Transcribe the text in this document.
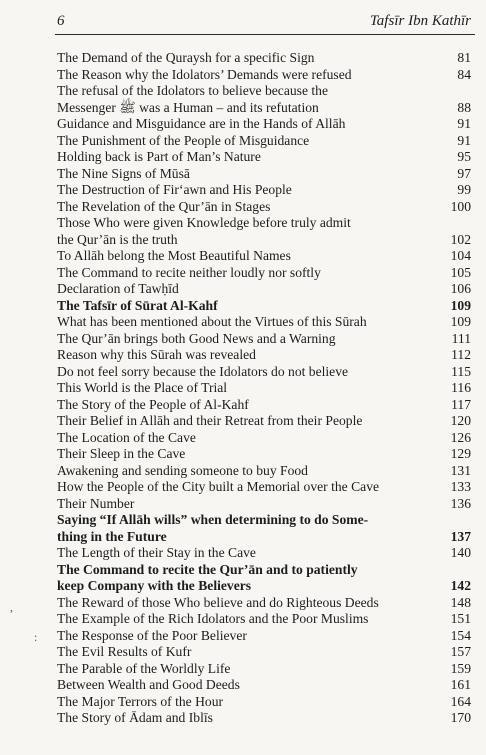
6	Tafsīr Ibn Kathīr
The Demand of the Quraysh for a specific Sign	81
The Reason why the Idolators’ Demands were refused	84
The refusal of the Idolators to believe because the
Messenger ﷺ was a Human – and its refutation	88
Guidance and Misguidance are in the Hands of Allāh	91
The Punishment of the People of Misguidance	91
Holding back is Part of Man’s Nature	95
The Nine Signs of Mūsā	97
The Destruction of Fir‘awn and His People	99
The Revelation of the Qur’ān in Stages	100
Those Who were given Knowledge before truly admit
the Qur’ān is the truth	102
To Allāh belong the Most Beautiful Names	104
The Command to recite neither loudly nor softly	105
Declaration of Tawḥīd	106
The Tafsīr of Sūrat Al-Kahf	109
What has been mentioned about the Virtues of this Sūrah	109
The Qur’ān brings both Good News and a Warning	111
Reason why this Sūrah was revealed	112
Do not feel sorry because the Idolators do not believe	115
This World is the Place of Trial	116
The Story of the People of Al-Kahf	117
Their Belief in Allāh and their Retreat from their People	120
The Location of the Cave	126
Their Sleep in the Cave	129
Awakening and sending someone to buy Food	131
How the People of the City built a Memorial over the Cave	133
Their Number	136
Saying “If Allāh wills” when determining to do Some-
thing in the Future	137
The Length of their Stay in the Cave	140
The Command to recite the Qur’ān and to patiently
keep Company with the Believers	142
The Reward of those Who believe and do Righteous Deeds	148
The Example of the Rich Idolators and the Poor Muslims	151
The Response of the Poor Believer	154
The Evil Results of Kufr	157
The Parable of the Worldly Life	159
Between Wealth and Good Deeds	161
The Major Terrors of the Hour	164
The Story of Ādam and Iblīs	170
,
:
